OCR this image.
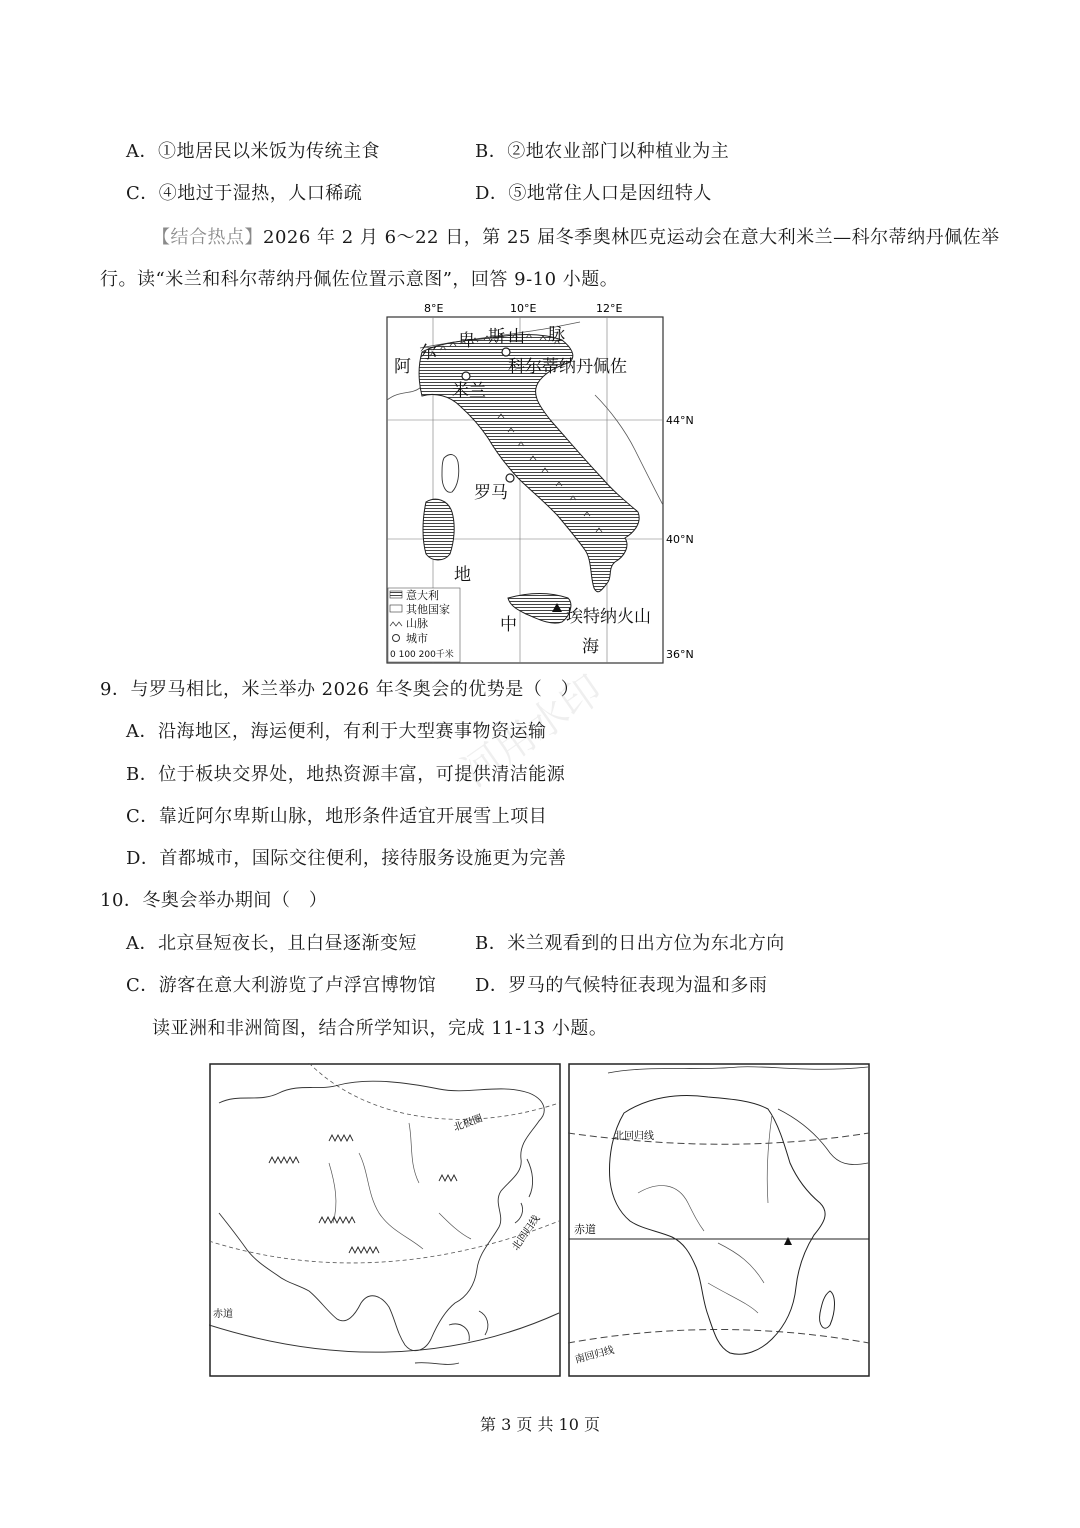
A．①地居民以米饭为传统主食	B．②地农业部门以种植业为主
C．④地过于湿热，人口稀疏	D．⑤地常住人口是因纽特人
【结合热点】2026 年 2 月 6～22 日，第 25 届冬季奥林匹克运动会在意大利米兰—科尔蒂纳丹佩佐举
行。读“米兰和科尔蒂纳丹佩佐位置示意图”，回答 9-10 小题。
8°E	10°E	12°E
44°N
40°N
36°N
阿
尔
卑 斯 山 脉
科尔蒂纳丹佩佐
米兰
罗马
埃特纳火山
地
中
海
意大利
其他国家
山脉
城市
0 100 200千米
9．与罗马相比，米兰举办 2026 年冬奥会的优势是（　）
A．沿海地区，海运便利，有利于大型赛事物资运输
B．位于板块交界处，地热资源丰富，可提供清洁能源
C．靠近阿尔卑斯山脉，地形条件适宜开展雪上项目
D．首都城市，国际交往便利，接待服务设施更为完善
10．冬奥会举办期间（　）
A．北京昼短夜长，且白昼逐渐变短	B．米兰观看到的日出方位为东北方向
C．游客在意大利游览了卢浮宫博物馆 D．罗马的气候特征表现为温和多雨
读亚洲和非洲简图，结合所学知识，完成 11-13 小题。
北极圈
北回归线
赤道
赤道
北回归线
南回归线
河用水印
第 3 页 共 10 页
